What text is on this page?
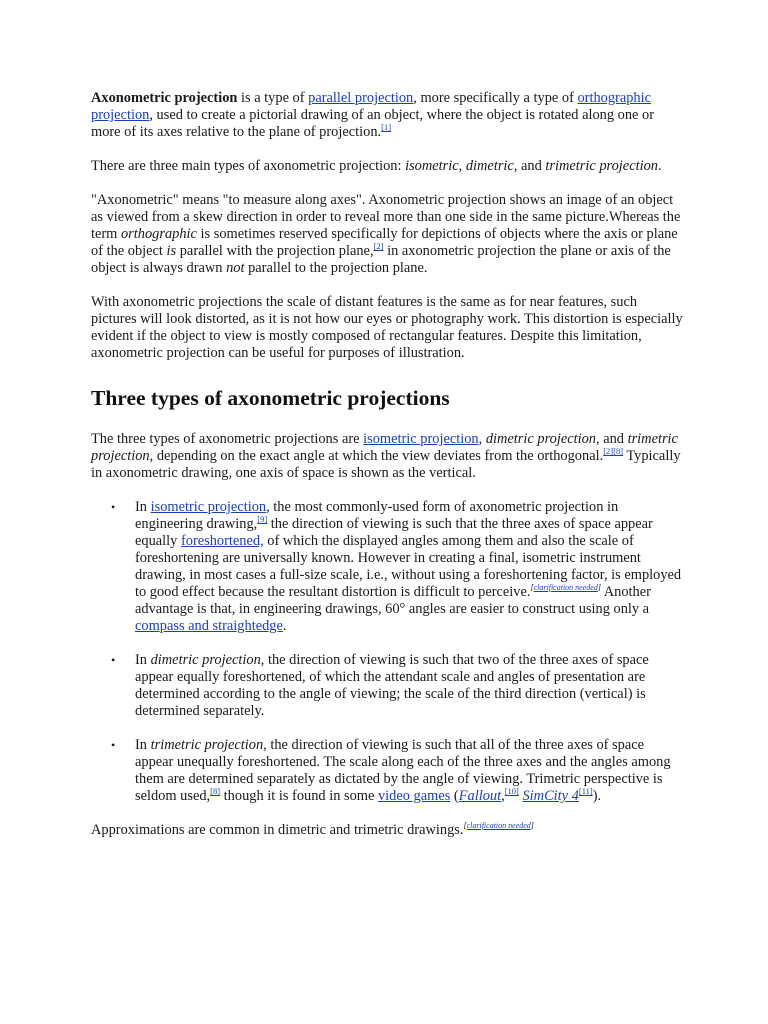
Axonometric projection is a type of parallel projection, more specifically a type of orthographic projection, used to create a pictorial drawing of an object, where the object is rotated along one or more of its axes relative to the plane of projection.[1]

There are three main types of axonometric projection: isometric, dimetric, and trimetric projection.

"Axonometric" means "to measure along axes". Axonometric projection shows an image of an object as viewed from a skew direction in order to reveal more than one side in the same picture.Whereas the term orthographic is sometimes reserved specifically for depictions of objects where the axis or plane of the object is parallel with the projection plane,[2] in axonometric projection the plane or axis of the object is always drawn not parallel to the projection plane.

With axonometric projections the scale of distant features is the same as for near features, such pictures will look distorted, as it is not how our eyes or photography work. This distortion is especially evident if the object to view is mostly composed of rectangular features. Despite this limitation, axonometric projection can be useful for purposes of illustration.

Three types of axonometric projections

The three types of axonometric projections are isometric projection, dimetric projection, and trimetric projection, depending on the exact angle at which the view deviates from the orthogonal.[2][8] Typically in axonometric drawing, one axis of space is shown as the vertical.

• In isometric projection, the most commonly-used form of axonometric projection in engineering drawing,[9] the direction of viewing is such that the three axes of space appear equally foreshortened, of which the displayed angles among them and also the scale of foreshortening are universally known. However in creating a final, isometric instrument drawing, in most cases a full-size scale, i.e., without using a foreshortening factor, is employed to good effect because the resultant distortion is difficult to perceive.[clarification needed] Another advantage is that, in engineering drawings, 60° angles are easier to construct using only a compass and straightedge.
• In dimetric projection, the direction of viewing is such that two of the three axes of space appear equally foreshortened, of which the attendant scale and angles of presentation are determined according to the angle of viewing; the scale of the third direction (vertical) is determined separately.
• In trimetric projection, the direction of viewing is such that all of the three axes of space appear unequally foreshortened. The scale along each of the three axes and the angles among them are determined separately as dictated by the angle of viewing. Trimetric perspective is seldom used,[8] though it is found in some video games (Fallout,[10] SimCity 4[11]).

Approximations are common in dimetric and trimetric drawings.[clarification needed]
